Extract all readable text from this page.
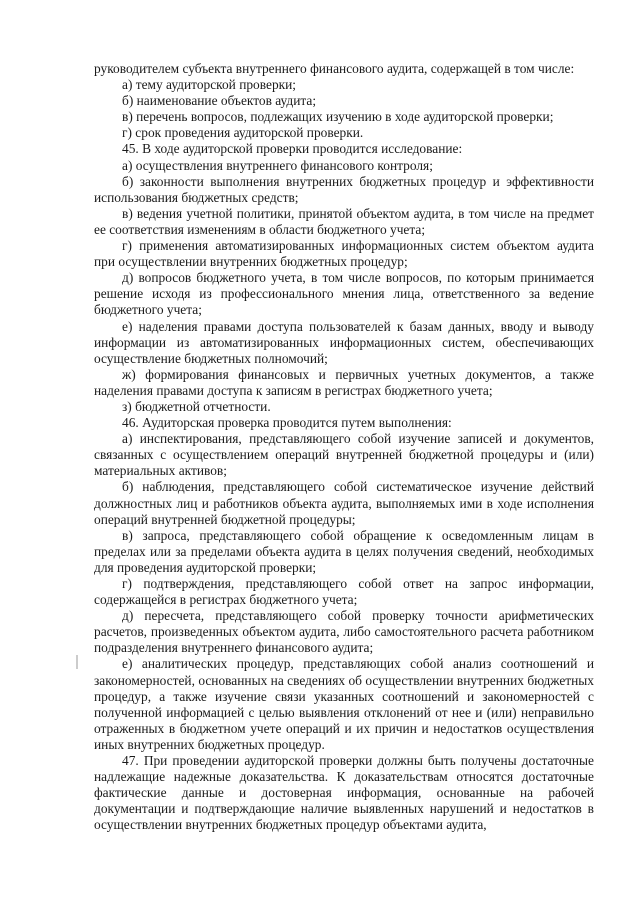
руководителем субъекта внутреннего финансового аудита, содержащей в том числе:

а) тему аудиторской проверки;

б) наименование объектов аудита;

в) перечень вопросов, подлежащих изучению в ходе аудиторской проверки;

г) срок проведения аудиторской проверки.

45. В ходе аудиторской проверки проводится исследование:

а) осуществления внутреннего финансового контроля;

б) законности выполнения внутренних бюджетных процедур и эффективности использования бюджетных средств;

в) ведения учетной политики, принятой объектом аудита, в том числе на предмет ее соответствия изменениям в области бюджетного учета;

г) применения автоматизированных информационных систем объектом аудита при осуществлении внутренних бюджетных процедур;

д) вопросов бюджетного учета, в том числе вопросов, по которым принимается решение исходя из профессионального мнения лица, ответственного за ведение бюджетного учета;

е) наделения правами доступа пользователей к базам данных, вводу и выводу информации из автоматизированных информационных систем, обеспечивающих осуществление бюджетных полномочий;

ж) формирования финансовых и первичных учетных документов, а также наделения правами доступа к записям в регистрах бюджетного учета;

з) бюджетной отчетности.

46. Аудиторская проверка проводится путем выполнения:

а) инспектирования, представляющего собой изучение записей и документов, связанных с осуществлением операций внутренней бюджетной процедуры и (или) материальных активов;

б) наблюдения, представляющего собой систематическое изучение действий должностных лиц и работников объекта аудита, выполняемых ими в ходе исполнения операций внутренней бюджетной процедуры;

в) запроса, представляющего собой обращение к осведомленным лицам в пределах или за пределами объекта аудита в целях получения сведений, необходимых для проведения аудиторской проверки;

г) подтверждения, представляющего собой ответ на запрос информации, содержащейся в регистрах бюджетного учета;

д) пересчета, представляющего собой проверку точности арифметических расчетов, произведенных объектом аудита, либо самостоятельного расчета работником подразделения внутреннего финансового аудита;

е) аналитических процедур, представляющих собой анализ соотношений и закономерностей, основанных на сведениях об осуществлении внутренних бюджетных процедур, а также изучение связи указанных соотношений и закономерностей с полученной информацией с целью выявления отклонений от нее и (или) неправильно отраженных в бюджетном учете операций и их причин и недостатков осуществления иных внутренних бюджетных процедур.

47. При проведении аудиторской проверки должны быть получены достаточные надлежащие надежные доказательства. К доказательствам относятся достаточные фактические данные и достоверная информация, основанные на рабочей документации и подтверждающие наличие выявленных нарушений и недостатков в осуществлении внутренних бюджетных процедур объектами аудита,
